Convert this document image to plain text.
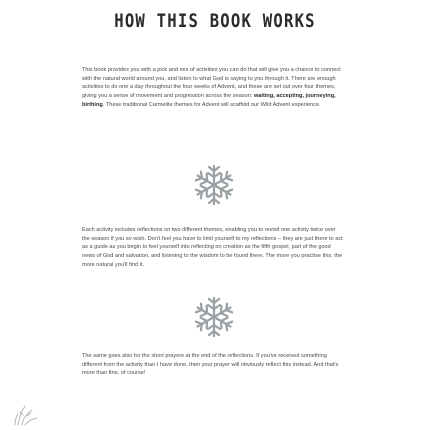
HOW THIS BOOK WORKS

This book provides you with a pick and mix of activities you can do that will give you a chance to connect with the natural world around you, and listen to what God is saying to you through it. There are enough activities to do one a day throughout the four weeks of Advent, and these are set out over four themes, giving you a sense of movement and progression across the season: waiting, accepting, journeying, birthing. These traditional Carmelite themes for Advent will scaffold our Wild Advent experience.

Each activity includes reflections on two different themes, enabling you to revisit one activity twice over the season if you so wish. Don't feel you have to limit yourself to my reflections – they are just there to act as a guide as you begin to feel yourself into reflecting on creation as the fifth gospel, part of the good news of God and salvation, and listening to the wisdom to be found there. The more you practise this, the more natural you'll find it.

The same goes also for the short prayers at the end of the reflections. If you've received something different from the activity than I have done, then your prayer will obviously reflect this instead. And that's more than fine, of course!
